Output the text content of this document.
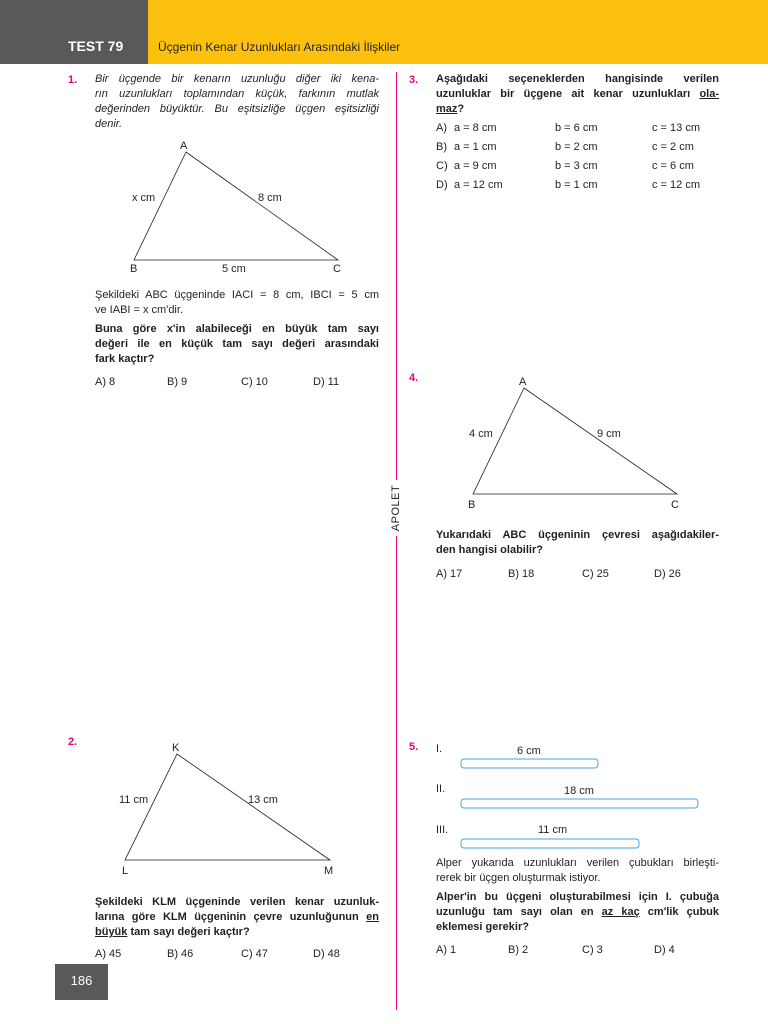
TEST 79	Üçgenin Kenar Uzunlukları Arasındaki İlişkiler
APOLET
1. Bir üçgende bir kenarın uzunluğu diğer iki kena-
rın uzunlukları toplamından küçük, farkının mutlak
değerinden büyüktür. Bu eşitsizliğe üçgen eşitsizliği
denir.
A
B	C
x cm	8 cm
5 cm
Şekildeki ABC üçgeninde IACI = 8 cm, IBCI = 5 cm
ve IABI = x cm'dir.
Buna göre x'in alabileceği en büyük tam sayı
değeri ile en küçük tam sayı değeri arasındaki
fark kaçtır?
A) 8	B) 9	C) 10	D) 11
2.	K
L	M
11 cm	13 cm
Şekildeki KLM üçgeninde verilen kenar uzunluk-
larına göre KLM üçgeninin çevre uzunluğunun en
büyük tam sayı değeri kaçtır?
A) 45	B) 46	C) 47	D) 48
3. Aşağıdaki seçeneklerden hangisinde verilen
uzunluklar bir üçgene ait kenar uzunlukları ola-
maz?
A) a = 8 cm	b = 6 cm	c = 13 cm
B) a = 1 cm	b = 2 cm	c = 2 cm
C) a = 9 cm	b = 3 cm	c = 6 cm
D) a = 12 cm	b = 1 cm	c = 12 cm
4.	A
B	C
4 cm	9 cm
Yukarıdaki ABC üçgeninin çevresi aşağıdakiler-
den hangisi olabilir?
A) 17	B) 18	C) 25	D) 26
5. I.	6 cm
II.	18 cm
III.	11 cm
Alper yukarıda uzunlukları verilen çubukları birleşti-
rerek bir üçgen oluşturmak istiyor.
Alper'in bu üçgeni oluşturabilmesi için I. çubuğa
uzunluğu tam sayı olan en az kaç cm'lik çubuk
eklemesi gerekir?
A) 1	B) 2	C) 3	D) 4
186
